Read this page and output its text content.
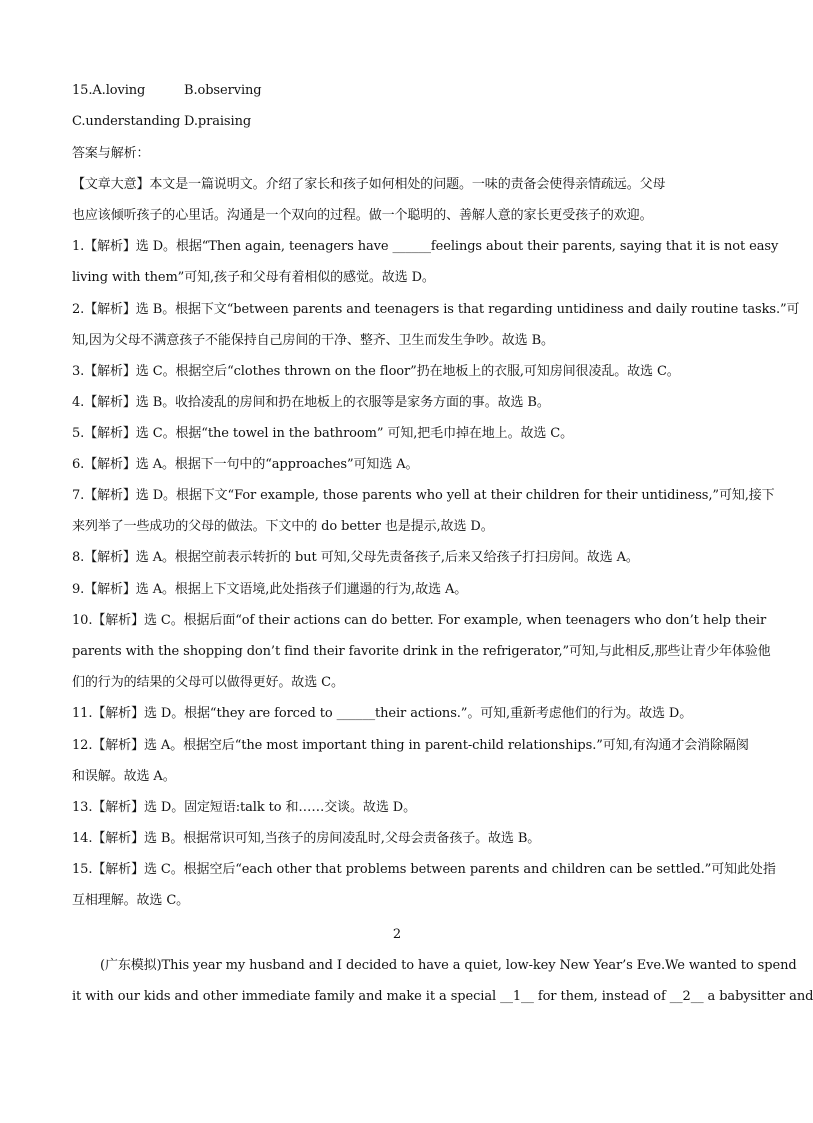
15.A.loving	B.observing
C.understanding D.praising
答案与解析：
【文章大意】本文是一篇说明文。介绍了家长和孩子如何相处的问题。一味的责备会使得亲情疏远。父母
也应该倾听孩子的心里话。沟通是一个双向的过程。做一个聪明的、善解人意的家长更受孩子的欢迎。
1.【解析】选 D。根据“Then again, teenagers have ______feelings about their parents, saying that it is not easy
living with them”可知,孩子和父母有着相似的感觉。故选 D。
2.【解析】选 B。根据下文“between parents and teenagers is that regarding untidiness and daily routine tasks.”可
知,因为父母不满意孩子不能保持自己房间的干净、整齐、卫生而发生争吵。故选 B。
3.【解析】选 C。根据空后“clothes thrown on the floor”扔在地板上的衣服,可知房间很凌乱。故选 C。
4.【解析】选 B。收拾凌乱的房间和扔在地板上的衣服等是家务方面的事。故选 B。
5.【解析】选 C。根据“the towel in the bathroom” 可知,把毛巾掉在地上。故选 C。
6.【解析】选 A。根据下一句中的“approaches”可知选 A。
7.【解析】选 D。根据下文“For example, those parents who yell at their children for their untidiness,”可知,接下
来列举了一些成功的父母的做法。下文中的 do better 也是提示,故选 D。
8.【解析】选 A。根据空前表示转折的 but 可知,父母先责备孩子,后来又给孩子打扫房间。故选 A。
9.【解析】选 A。根据上下文语境,此处指孩子们邋遢的行为,故选 A。
10.【解析】选 C。根据后面“of their actions can do better. For example, when teenagers who don’t help their
parents with the shopping don’t find their favorite drink in the refrigerator,”可知,与此相反,那些让青少年体验他
们的行为的结果的父母可以做得更好。故选 C。
11.【解析】选 D。根据“they are forced to ______their actions.”。可知,重新考虑他们的行为。故选 D。
12.【解析】选 A。根据空后“the most important thing in parent-child relationships.”可知,有沟通才会消除隔阂
和误解。故选 A。
13.【解析】选 D。固定短语:talk to 和……交谈。故选 D。
14.【解析】选 B。根据常识可知,当孩子的房间凌乱时,父母会责备孩子。故选 B。
15.【解析】选 C。根据空后“each other that problems between parents and children can be settled.”可知此处指
互相理解。故选 C。
2
(广东模拟)This year my husband and I decided to have a quiet, low-key New Year’s Eve.We wanted to spend
it with our kids and other immediate family and make it a special __1__ for them, instead of __2__ a babysitter and
